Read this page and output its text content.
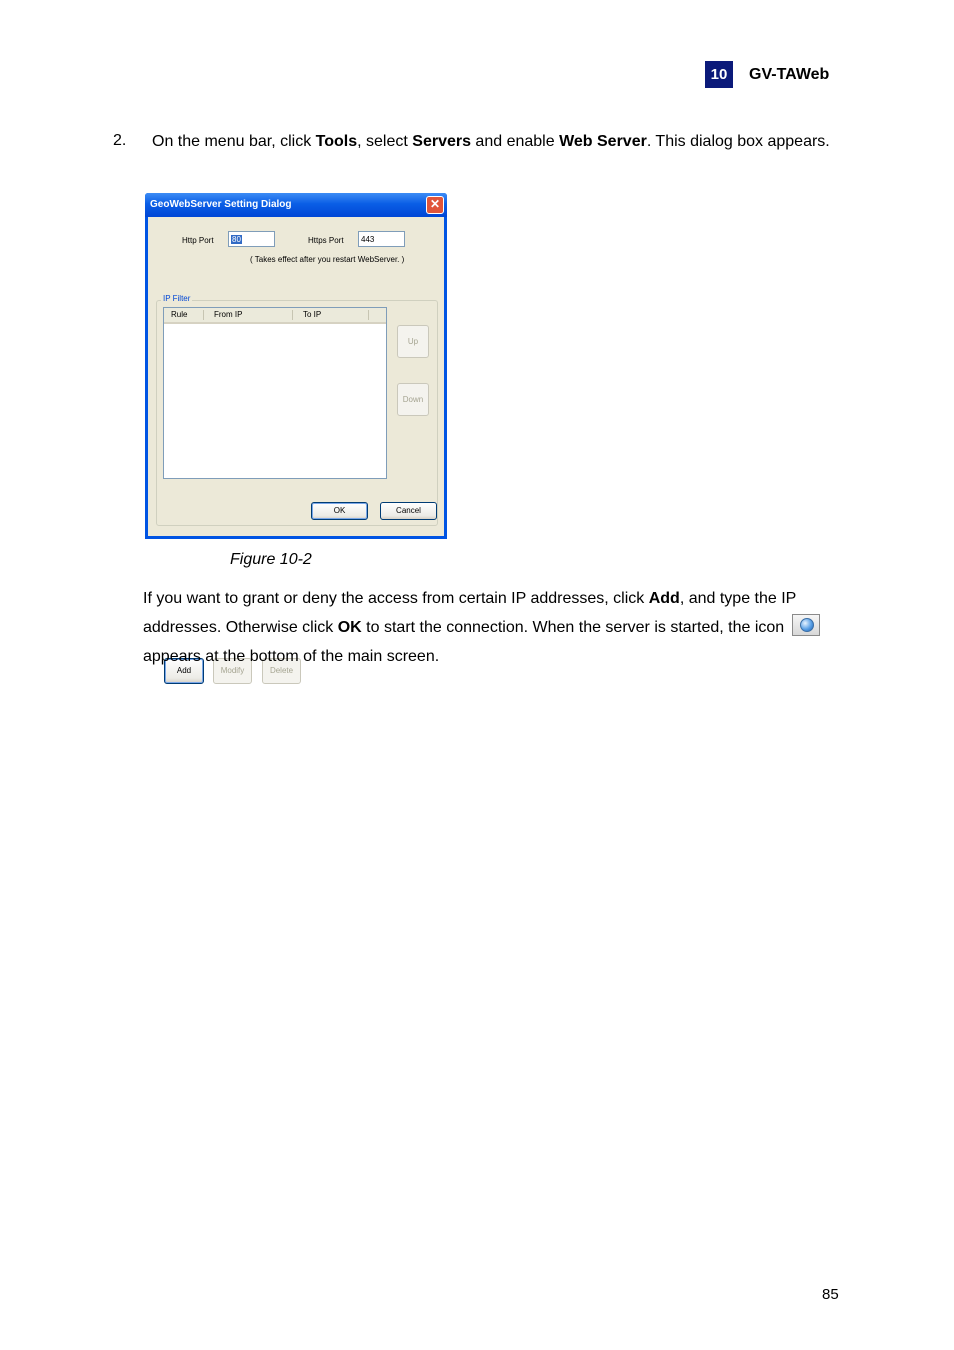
10	GV-TAWeb
2. On the menu bar, click Tools, select Servers and enable Web Server. This dialog box appears.
GeoWebServer Setting Dialog	✕
Http Port	80	Https Port	443
( Takes effect after you restart WebServer. )
IP Filter
Rule	From IP	To IP
Up
Down
Add	Modify	Delete
OK	Cancel
Figure 10-2
If you want to grant or deny the access from certain IP addresses, click Add, and type the IP addresses. Otherwise click OK to start the connection. When the server is started, the icon
appears at the bottom of the main screen.
85
